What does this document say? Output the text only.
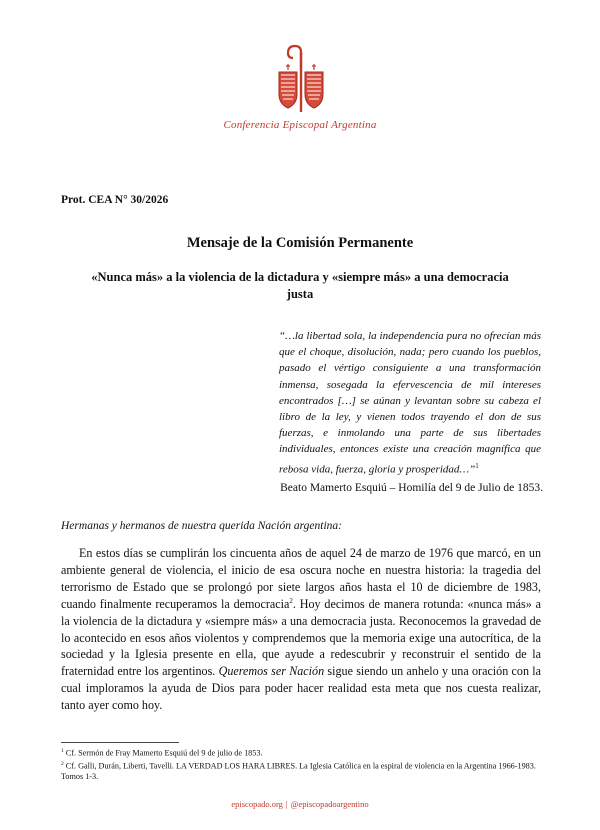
Conferencia Episcopal Argentina
Prot. CEA N° 30/2026
Mensaje de la Comisión Permanente
«Nunca más» a la violencia de la dictadura y «siempre más» a una democracia justa
“…la libertad sola, la independencia pura no ofrecían más que el choque, disolución, nada; pero cuando los pueblos, pasado el vértigo consiguiente a una transformación inmensa, sosegada la efervescencia de mil intereses encontrados […] se aúnan y levantan sobre su cabeza el libro de la ley, y vienen todos trayendo el don de sus fuerzas, e inmolando una parte de sus libertades individuales, entonces existe una creación magnífica que rebosa vida, fuerza, gloria y prosperidad…”$^1$
Beato Mamerto Esquiú – Homilía del 9 de Julio de 1853.
Hermanas y hermanos de nuestra querida Nación argentina:
En estos días se cumplirán los cincuenta años de aquel 24 de marzo de 1976 que marcó, en un ambiente general de violencia, el inicio de esa oscura noche en nuestra historia: la tragedia del terrorismo de Estado que se prolongó por siete largos años hasta el 10 de diciembre de 1983, cuando finalmente recuperamos la democracia$^2$. Hoy decimos de manera rotunda: «nunca más» a la violencia de la dictadura y «siempre más» a una democracia justa. Reconocemos la gravedad de lo acontecido en esos años violentos y comprendemos que la memoria exige una autocrítica, de la sociedad y la Iglesia presente en ella, que ayude a redescubrir y reconstruir el sentido de la fraternidad entre los argentinos. Queremos ser Nación sigue siendo un anhelo y una oración con la cual imploramos la ayuda de Dios para poder hacer realidad esta meta que nos cuesta realizar, tanto ayer como hoy.
$^1$ Cf. Sermón de Fray Mamerto Esquiú del 9 de julio de 1853.
$^2$ Cf. Galli, Durán, Liberti, Tavelli. LA VERDAD LOS HARA LIBRES. La Iglesia Católica en la espiral de violencia en la Argentina 1966-1983. Tomos 1-3.
episcopado.org | @episcopadoargentino
